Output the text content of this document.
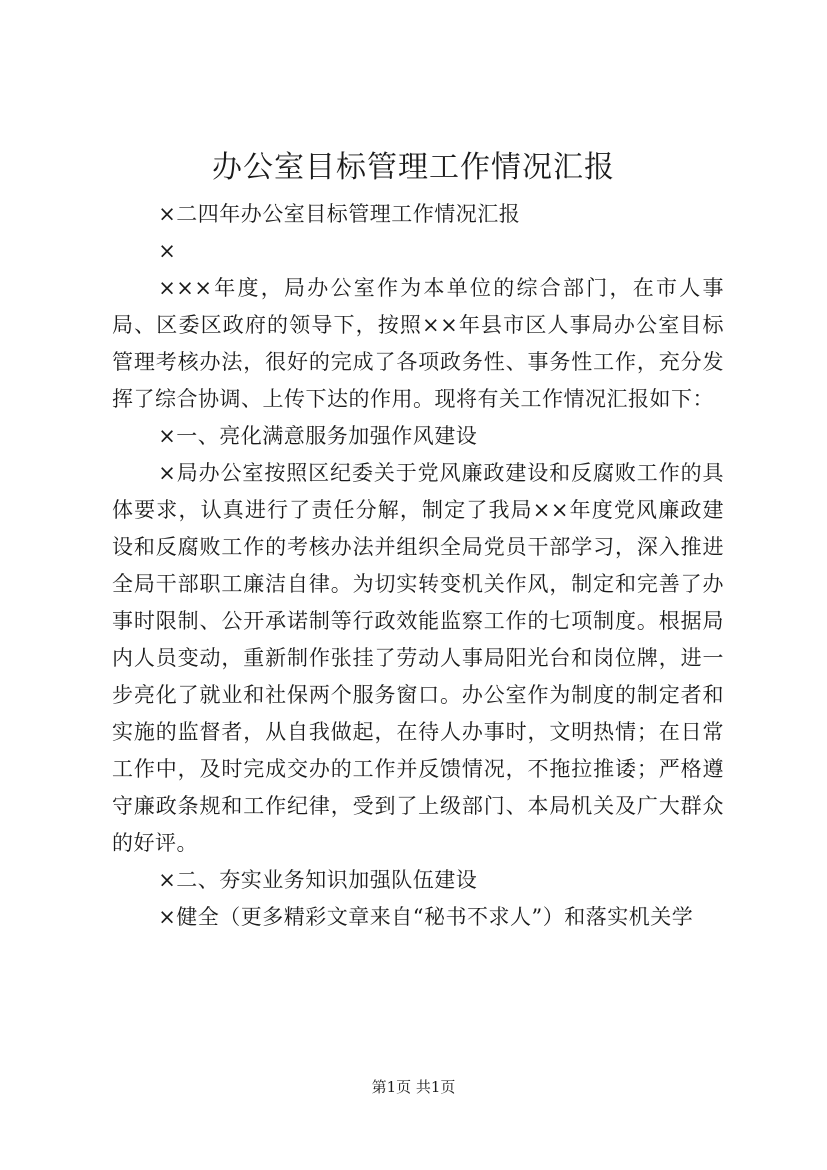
办公室目标管理工作情况汇报

×二四年办公室目标管理工作情况汇报

×

×××年度，局办公室作为本单位的综合部门，在市人事局、区委区政府的领导下，按照××年县市区人事局办公室目标管理考核办法，很好的完成了各项政务性、事务性工作，充分发挥了综合协调、上传下达的作用。现将有关工作情况汇报如下：

×一、亮化满意服务加强作风建设

×局办公室按照区纪委关于党风廉政建设和反腐败工作的具体要求，认真进行了责任分解，制定了我局××年度党风廉政建设和反腐败工作的考核办法并组织全局党员干部学习，深入推进全局干部职工廉洁自律。为切实转变机关作风，制定和完善了办事时限制、公开承诺制等行政效能监察工作的七项制度。根据局内人员变动，重新制作张挂了劳动人事局阳光台和岗位牌，进一步亮化了就业和社保两个服务窗口。办公室作为制度的制定者和实施的监督者，从自我做起，在待人办事时，文明热情；在日常工作中，及时完成交办的工作并反馈情况，不拖拉推诿；严格遵守廉政条规和工作纪律，受到了上级部门、本局机关及广大群众的好评。

×二、夯实业务知识加强队伍建设

×健全（更多精彩文章来自“秘书不求人”）和落实机关学

第1页 共1页
